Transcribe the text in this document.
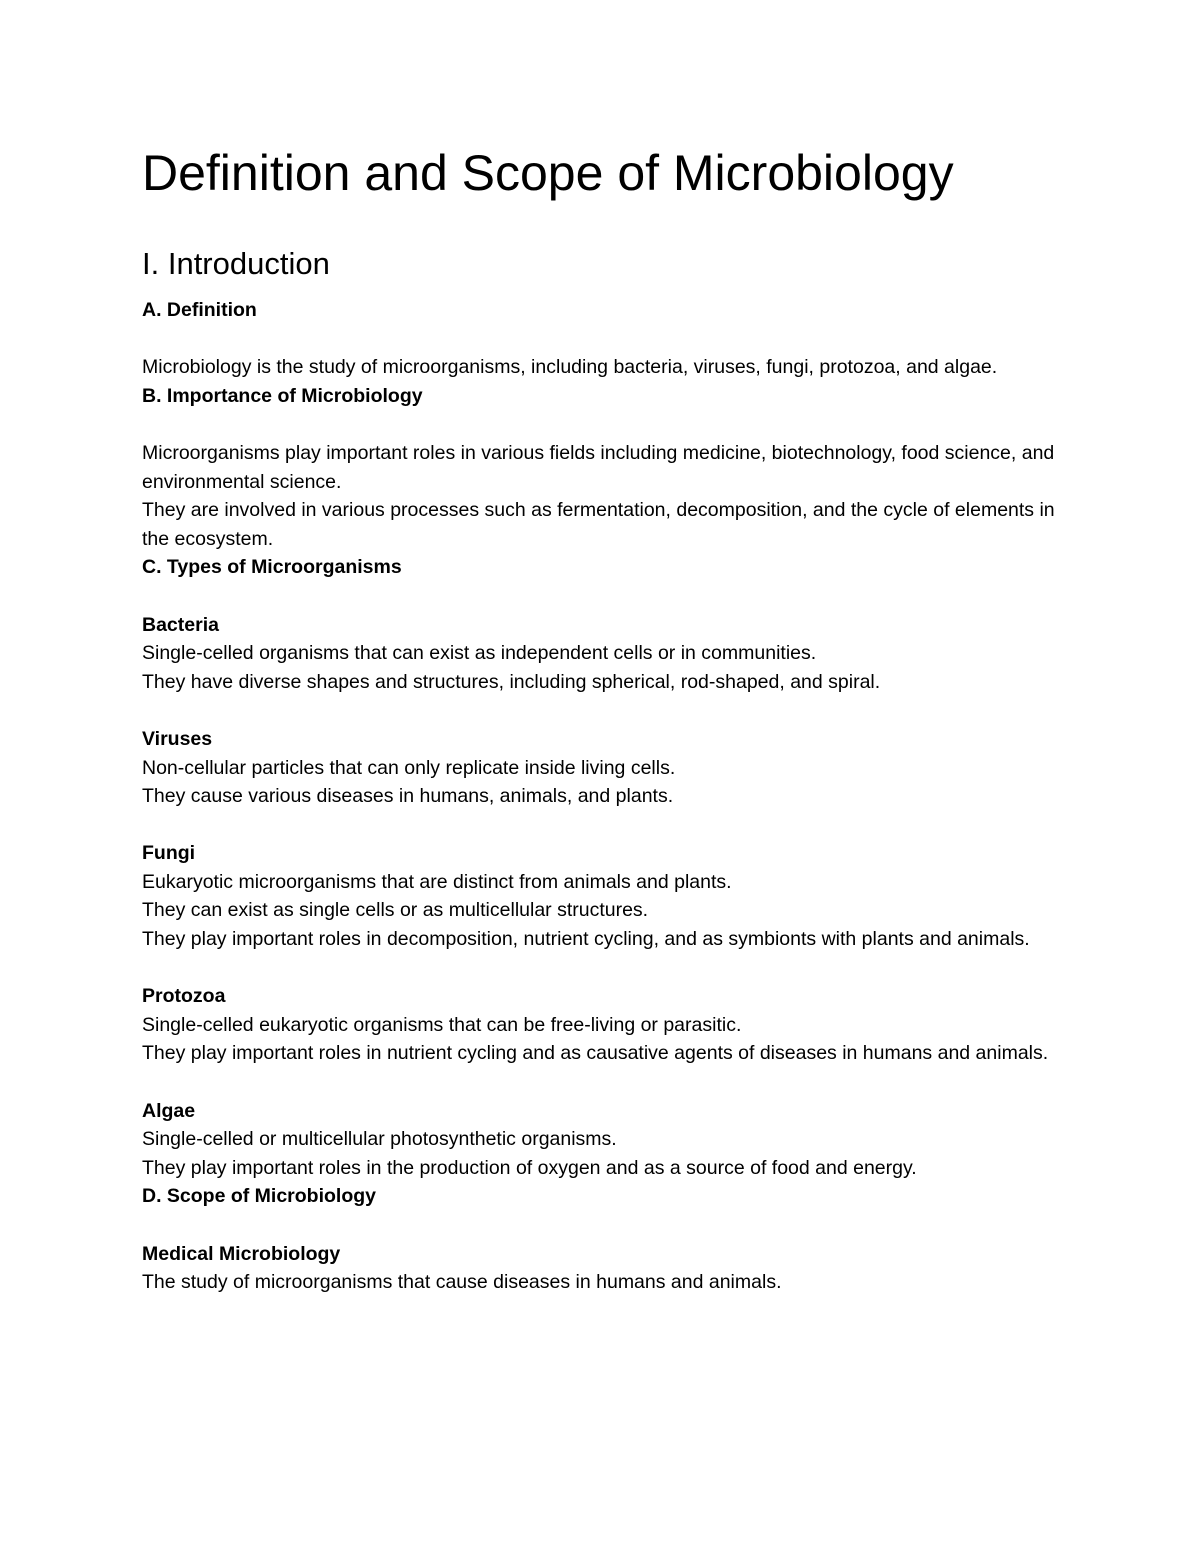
Definition and Scope of Microbiology
I. Introduction

A. Definition

Microbiology is the study of microorganisms, including bacteria, viruses, fungi, protozoa, and algae.

B. Importance of Microbiology

Microorganisms play important roles in various fields including medicine, biotechnology, food science, and environmental science.

They are involved in various processes such as fermentation, decomposition, and the cycle of elements in the ecosystem.

C. Types of Microorganisms

Bacteria

Single-celled organisms that can exist as independent cells or in communities.

They have diverse shapes and structures, including spherical, rod-shaped, and spiral.

Viruses

Non-cellular particles that can only replicate inside living cells.

They cause various diseases in humans, animals, and plants.

Fungi

Eukaryotic microorganisms that are distinct from animals and plants.

They can exist as single cells or as multicellular structures.

They play important roles in decomposition, nutrient cycling, and as symbionts with plants and animals.

Protozoa

Single-celled eukaryotic organisms that can be free-living or parasitic.

They play important roles in nutrient cycling and as causative agents of diseases in humans and animals.

Algae

Single-celled or multicellular photosynthetic organisms.

They play important roles in the production of oxygen and as a source of food and energy.

D. Scope of Microbiology

Medical Microbiology

The study of microorganisms that cause diseases in humans and animals.
